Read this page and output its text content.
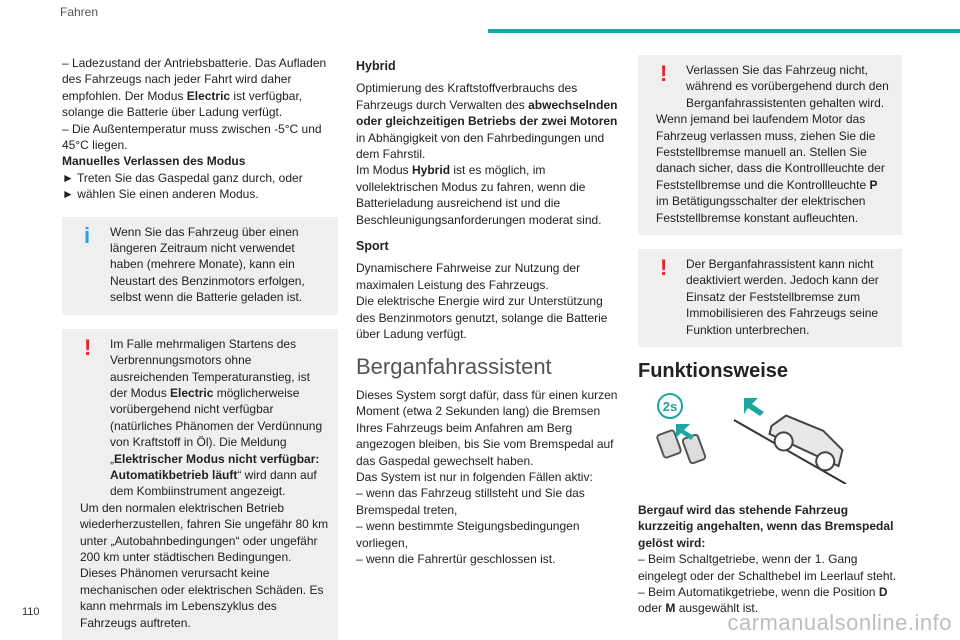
Fahren

– Ladezustand der Antriebsbatterie. Das Aufladen des Fahrzeugs nach jeder Fahrt wird daher empfohlen. Der Modus Electric ist verfügbar, solange die Batterie über Ladung verfügt.

– Die Außentemperatur muss zwischen -5°C und 45°C liegen.

Manuelles Verlassen des Modus

► Treten Sie das Gaspedal ganz durch, oder

► wählen Sie einen anderen Modus.

i	Wenn Sie das Fahrzeug über einen längeren Zeitraum nicht verwendet haben (mehrere Monate), kann ein Neustart des Benzinmotors erfolgen, selbst wenn die Batterie geladen ist.

!	Im Falle mehrmaligen Startens des Verbrennungsmotors ohne ausreichenden Temperaturanstieg, ist der Modus Electric möglicherweise vorübergehend nicht verfügbar (natürliches Phänomen der Verdünnung von Kraftstoff in Öl). Die Meldung „Elektrischer Modus nicht verfügbar: Automatikbetrieb läuft“ wird dann auf dem Kombiinstrument angezeigt.

Um den normalen elektrischen Betrieb wiederherzustellen, fahren Sie ungefähr 80 km unter „Autobahnbedingungen“ oder ungefähr 200 km unter städtischen Bedingungen.

Dieses Phänomen verursacht keine mechanischen oder elektrischen Schäden. Es kann mehrmals im Lebenszyklus des Fahrzeugs auftreten.

Hybrid

Optimierung des Kraftstoffverbrauchs des Fahrzeugs durch Verwalten des abwechselnden oder gleichzeitigen Betriebs der zwei Motoren in Abhängigkeit von den Fahrbedingungen und dem Fahrstil.

Im Modus Hybrid ist es möglich, im vollelektrischen Modus zu fahren, wenn die Batterieladung ausreichend ist und die Beschleunigungsanforderungen moderat sind.

Sport

Dynamischere Fahrweise zur Nutzung der maximalen Leistung des Fahrzeugs.

Die elektrische Energie wird zur Unterstützung des Benzinmotors genutzt, solange die Batterie über Ladung verfügt.

Berganfahrassistent

Dieses System sorgt dafür, dass für einen kurzen Moment (etwa 2 Sekunden lang) die Bremsen Ihres Fahrzeugs beim Anfahren am Berg angezogen bleiben, bis Sie vom Bremspedal auf das Gaspedal gewechselt haben.

Das System ist nur in folgenden Fällen aktiv:

– wenn das Fahrzeug stillsteht und Sie das Bremspedal treten,

– wenn bestimmte Steigungsbedingungen vorliegen,

– wenn die Fahrertür geschlossen ist.

!	Verlassen Sie das Fahrzeug nicht, während es vorübergehend durch den Berganfahrassistenten gehalten wird.

Wenn jemand bei laufendem Motor das Fahrzeug verlassen muss, ziehen Sie die Feststellbremse manuell an. Stellen Sie danach sicher, dass die Kontrollleuchte der Feststellbremse und die Kontrollleuchte P im Betätigungsschalter der elektrischen Feststellbremse konstant aufleuchten.

!	Der Berganfahrassistent kann nicht deaktiviert werden. Jedoch kann der Einsatz der Feststellbremse zum Immobilisieren des Fahrzeugs seine Funktion unterbrechen.

Funktionsweise
2s

Bergauf wird das stehende Fahrzeug kurzzeitig angehalten, wenn das Bremspedal gelöst wird:

– Beim Schaltgetriebe, wenn der 1. Gang eingelegt oder der Schalthebel im Leerlauf steht.

– Beim Automatikgetriebe, wenn die Position D oder M ausgewählt ist.

110	carmanualsonline.info
